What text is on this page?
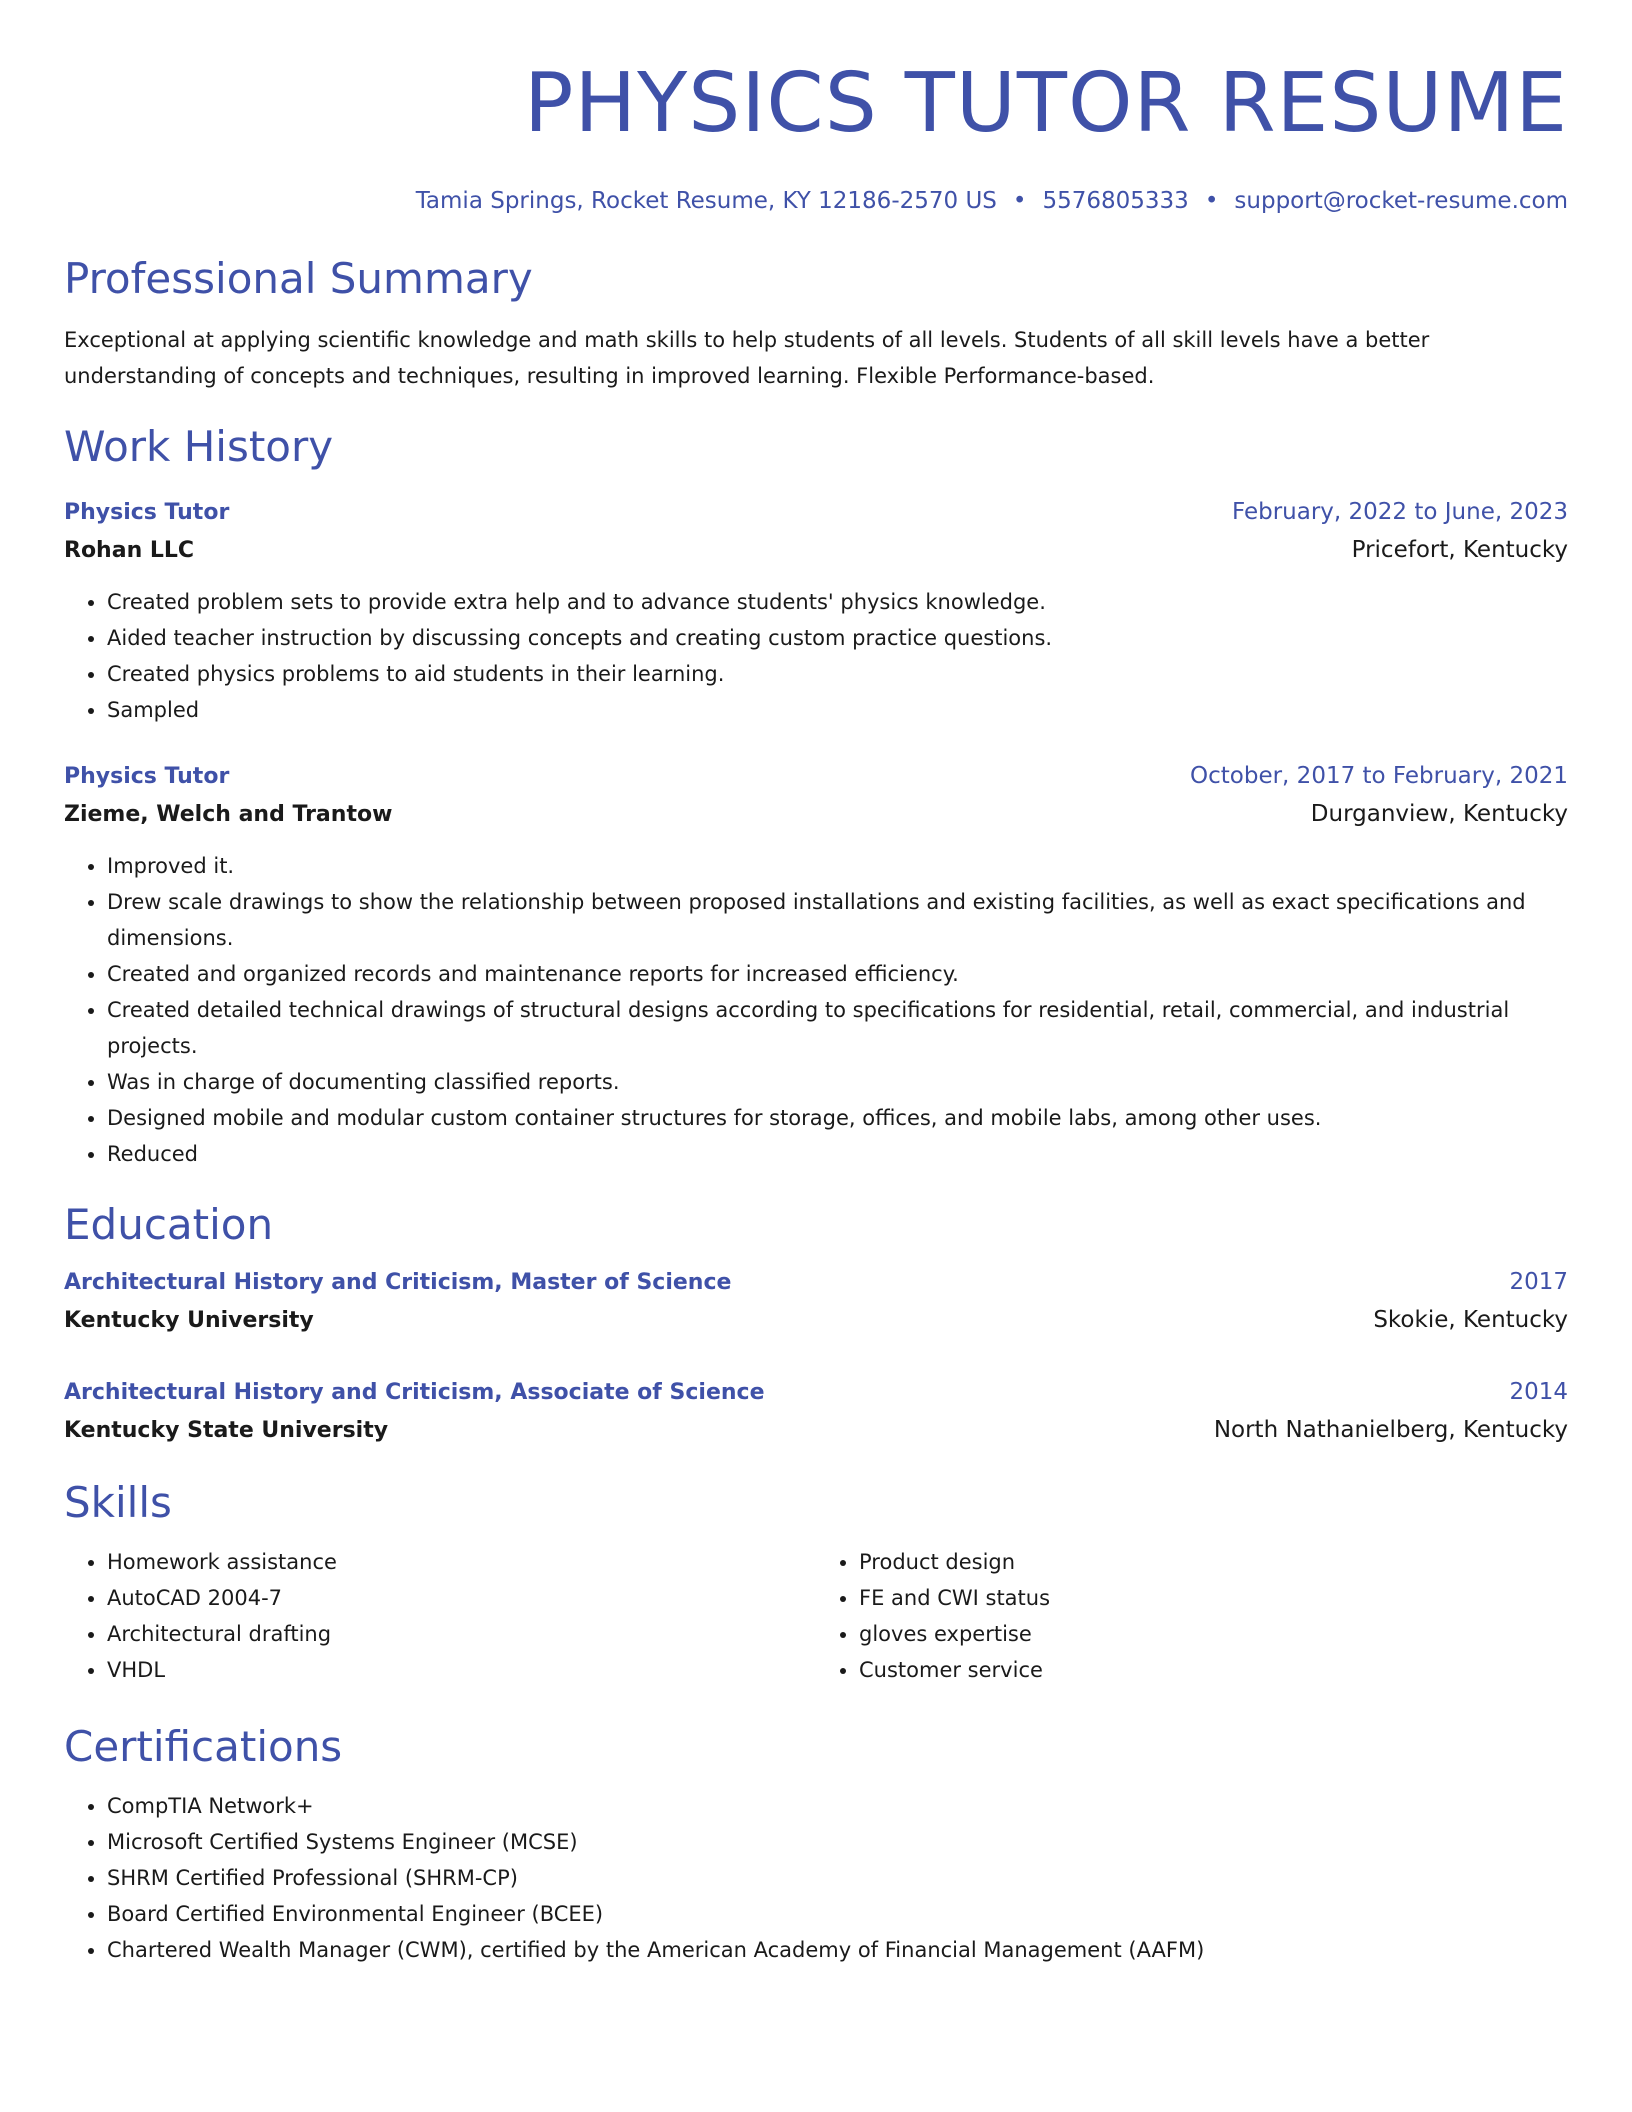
PHYSICS TUTOR RESUME
Tamia Springs, Rocket Resume, KY 12186-2570 US • 5576805333 • support@rocket-resume.com
Professional Summary
Exceptional at applying scientific knowledge and math skills to help students of all levels. Students of all skill levels have a better understanding of concepts and techniques, resulting in improved learning. Flexible Performance-based.
Work History
Physics Tutor	February, 2022 to June, 2023
Rohan LLC	Pricefort, Kentucky
• Created problem sets to provide extra help and to advance students' physics knowledge.
• Aided teacher instruction by discussing concepts and creating custom practice questions.
• Created physics problems to aid students in their learning.
• Sampled
Physics Tutor	October, 2017 to February, 2021
Zieme, Welch and Trantow	Durganview, Kentucky
• Improved it.
• Drew scale drawings to show the relationship between proposed installations and existing facilities, as well as exact specifications and dimensions.
• Created and organized records and maintenance reports for increased efficiency.
• Created detailed technical drawings of structural designs according to specifications for residential, retail, commercial, and industrial projects.
• Was in charge of documenting classified reports.
• Designed mobile and modular custom container structures for storage, offices, and mobile labs, among other uses.
• Reduced
Education
Architectural History and Criticism, Master of Science	2017
Kentucky University	Skokie, Kentucky
Architectural History and Criticism, Associate of Science	2014
Kentucky State University	North Nathanielberg, Kentucky
Skills
• Homework assistance
• AutoCAD 2004-7
• Architectural drafting
• VHDL
• Product design
• FE and CWI status
• gloves expertise
• Customer service
Certifications
• CompTIA Network+
• Microsoft Certified Systems Engineer (MCSE)
• SHRM Certified Professional (SHRM-CP)
• Board Certified Environmental Engineer (BCEE)
• Chartered Wealth Manager (CWM), certified by the American Academy of Financial Management (AAFM)
